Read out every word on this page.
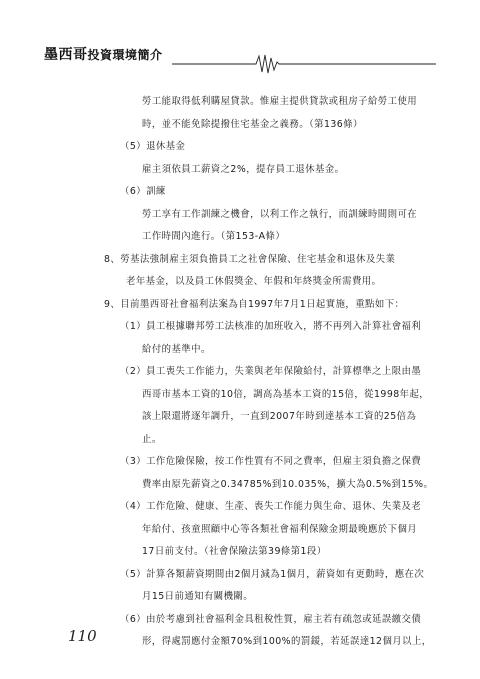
墨西哥投資環境簡介
勞工能取得低利購屋貸款。惟雇主提供貸款或租房子給勞工使用
時，並不能免除提撥住宅基金之義務。（第136條）
（5）退休基金
雇主須依員工薪資之2%，提存員工退休基金。
（6）訓練
勞工享有工作訓練之機會，以利工作之執行，而訓練時間則可在
工作時間內進行。（第153-A條）
8、勞基法強制雇主須負擔員工之社會保險、住宅基金和退休及失業
老年基金，以及員工休假獎金、年假和年終獎金所需費用。
9、目前墨西哥社會福利法案為自1997年7月1日起實施，重點如下：
（1）員工根據聯邦勞工法核准的加班收入，將不再列入計算社會福利
給付的基準中。
（2）員工喪失工作能力，失業與老年保險給付，計算標準之上限由墨
西哥市基本工資的10倍，調高為基本工資的15倍，從1998年起，
該上限還將逐年調升，一直到2007年時到達基本工資的25倍為
止。
（3）工作危險保險，按工作性質有不同之費率，但雇主須負擔之保費
費率由原先薪資之0.34785%到10.035%，擴大為0.5%到15%。
（4）工作危險、健康、生產、喪失工作能力與生命、退休、失業及老
年給付、孩童照顧中心等各類社會福利保險金期最晚應於下個月
17日前支付。（社會保險法第39條第1段）
（5）計算各類薪資期間由2個月減為1個月，薪資如有更動時，應在次
月15日前通知有關機關。
（6）由於考慮到社會福利金具租稅性質，雇主若有疏忽或延誤繳交債
形，得處罰應付金額70%到100%的罰鍰，若延誤達12個月以上，
110
